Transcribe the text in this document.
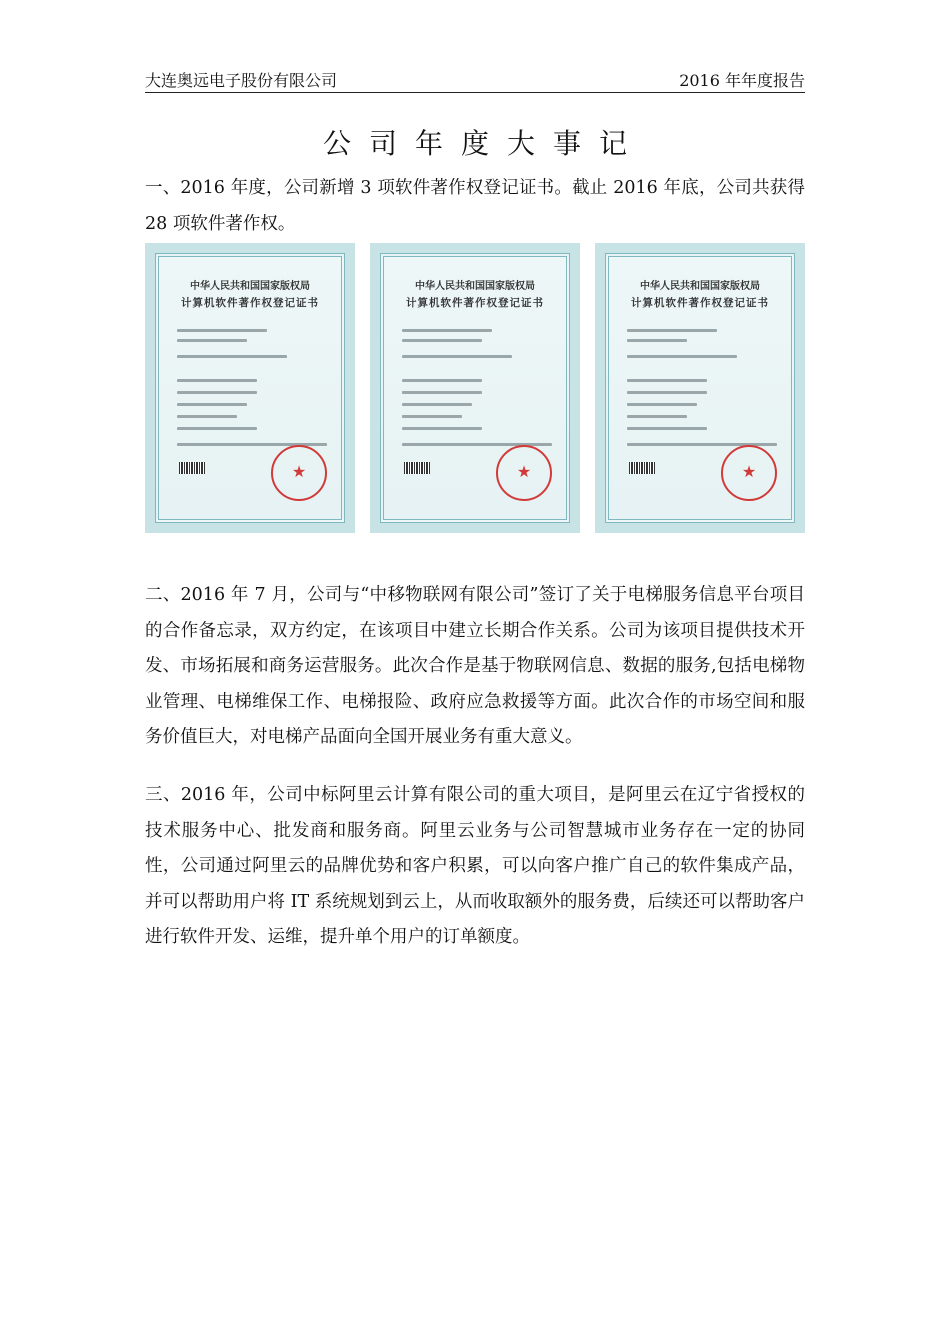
大连奥远电子股份有限公司	2016 年年度报告
公司年度大事记
一、2016 年度，公司新增 3 项软件著作权登记证书。截止 2016 年底，公司共获得 28 项软件著作权。
中华人民共和国国家版权局
计算机软件著作权登记证书
★
中华人民共和国国家版权局
计算机软件著作权登记证书
★
中华人民共和国国家版权局
计算机软件著作权登记证书
★
二、2016 年 7 月，公司与“中移物联网有限公司”签订了关于电梯服务信息平台项目的合作备忘录，双方约定，在该项目中建立长期合作关系。公司为该项目提供技术开发、市场拓展和商务运营服务。此次合作是基于物联网信息、数据的服务,包括电梯物业管理、电梯维保工作、电梯报险、政府应急救援等方面。此次合作的市场空间和服务价值巨大，对电梯产品面向全国开展业务有重大意义。
三、2016 年，公司中标阿里云计算有限公司的重大项目，是阿里云在辽宁省授权的技术服务中心、批发商和服务商。阿里云业务与公司智慧城市业务存在一定的协同性，公司通过阿里云的品牌优势和客户积累，可以向客户推广自己的软件集成产品，并可以帮助用户将 IT 系统规划到云上，从而收取额外的服务费，后续还可以帮助客户进行软件开发、运维，提升单个用户的订单额度。
